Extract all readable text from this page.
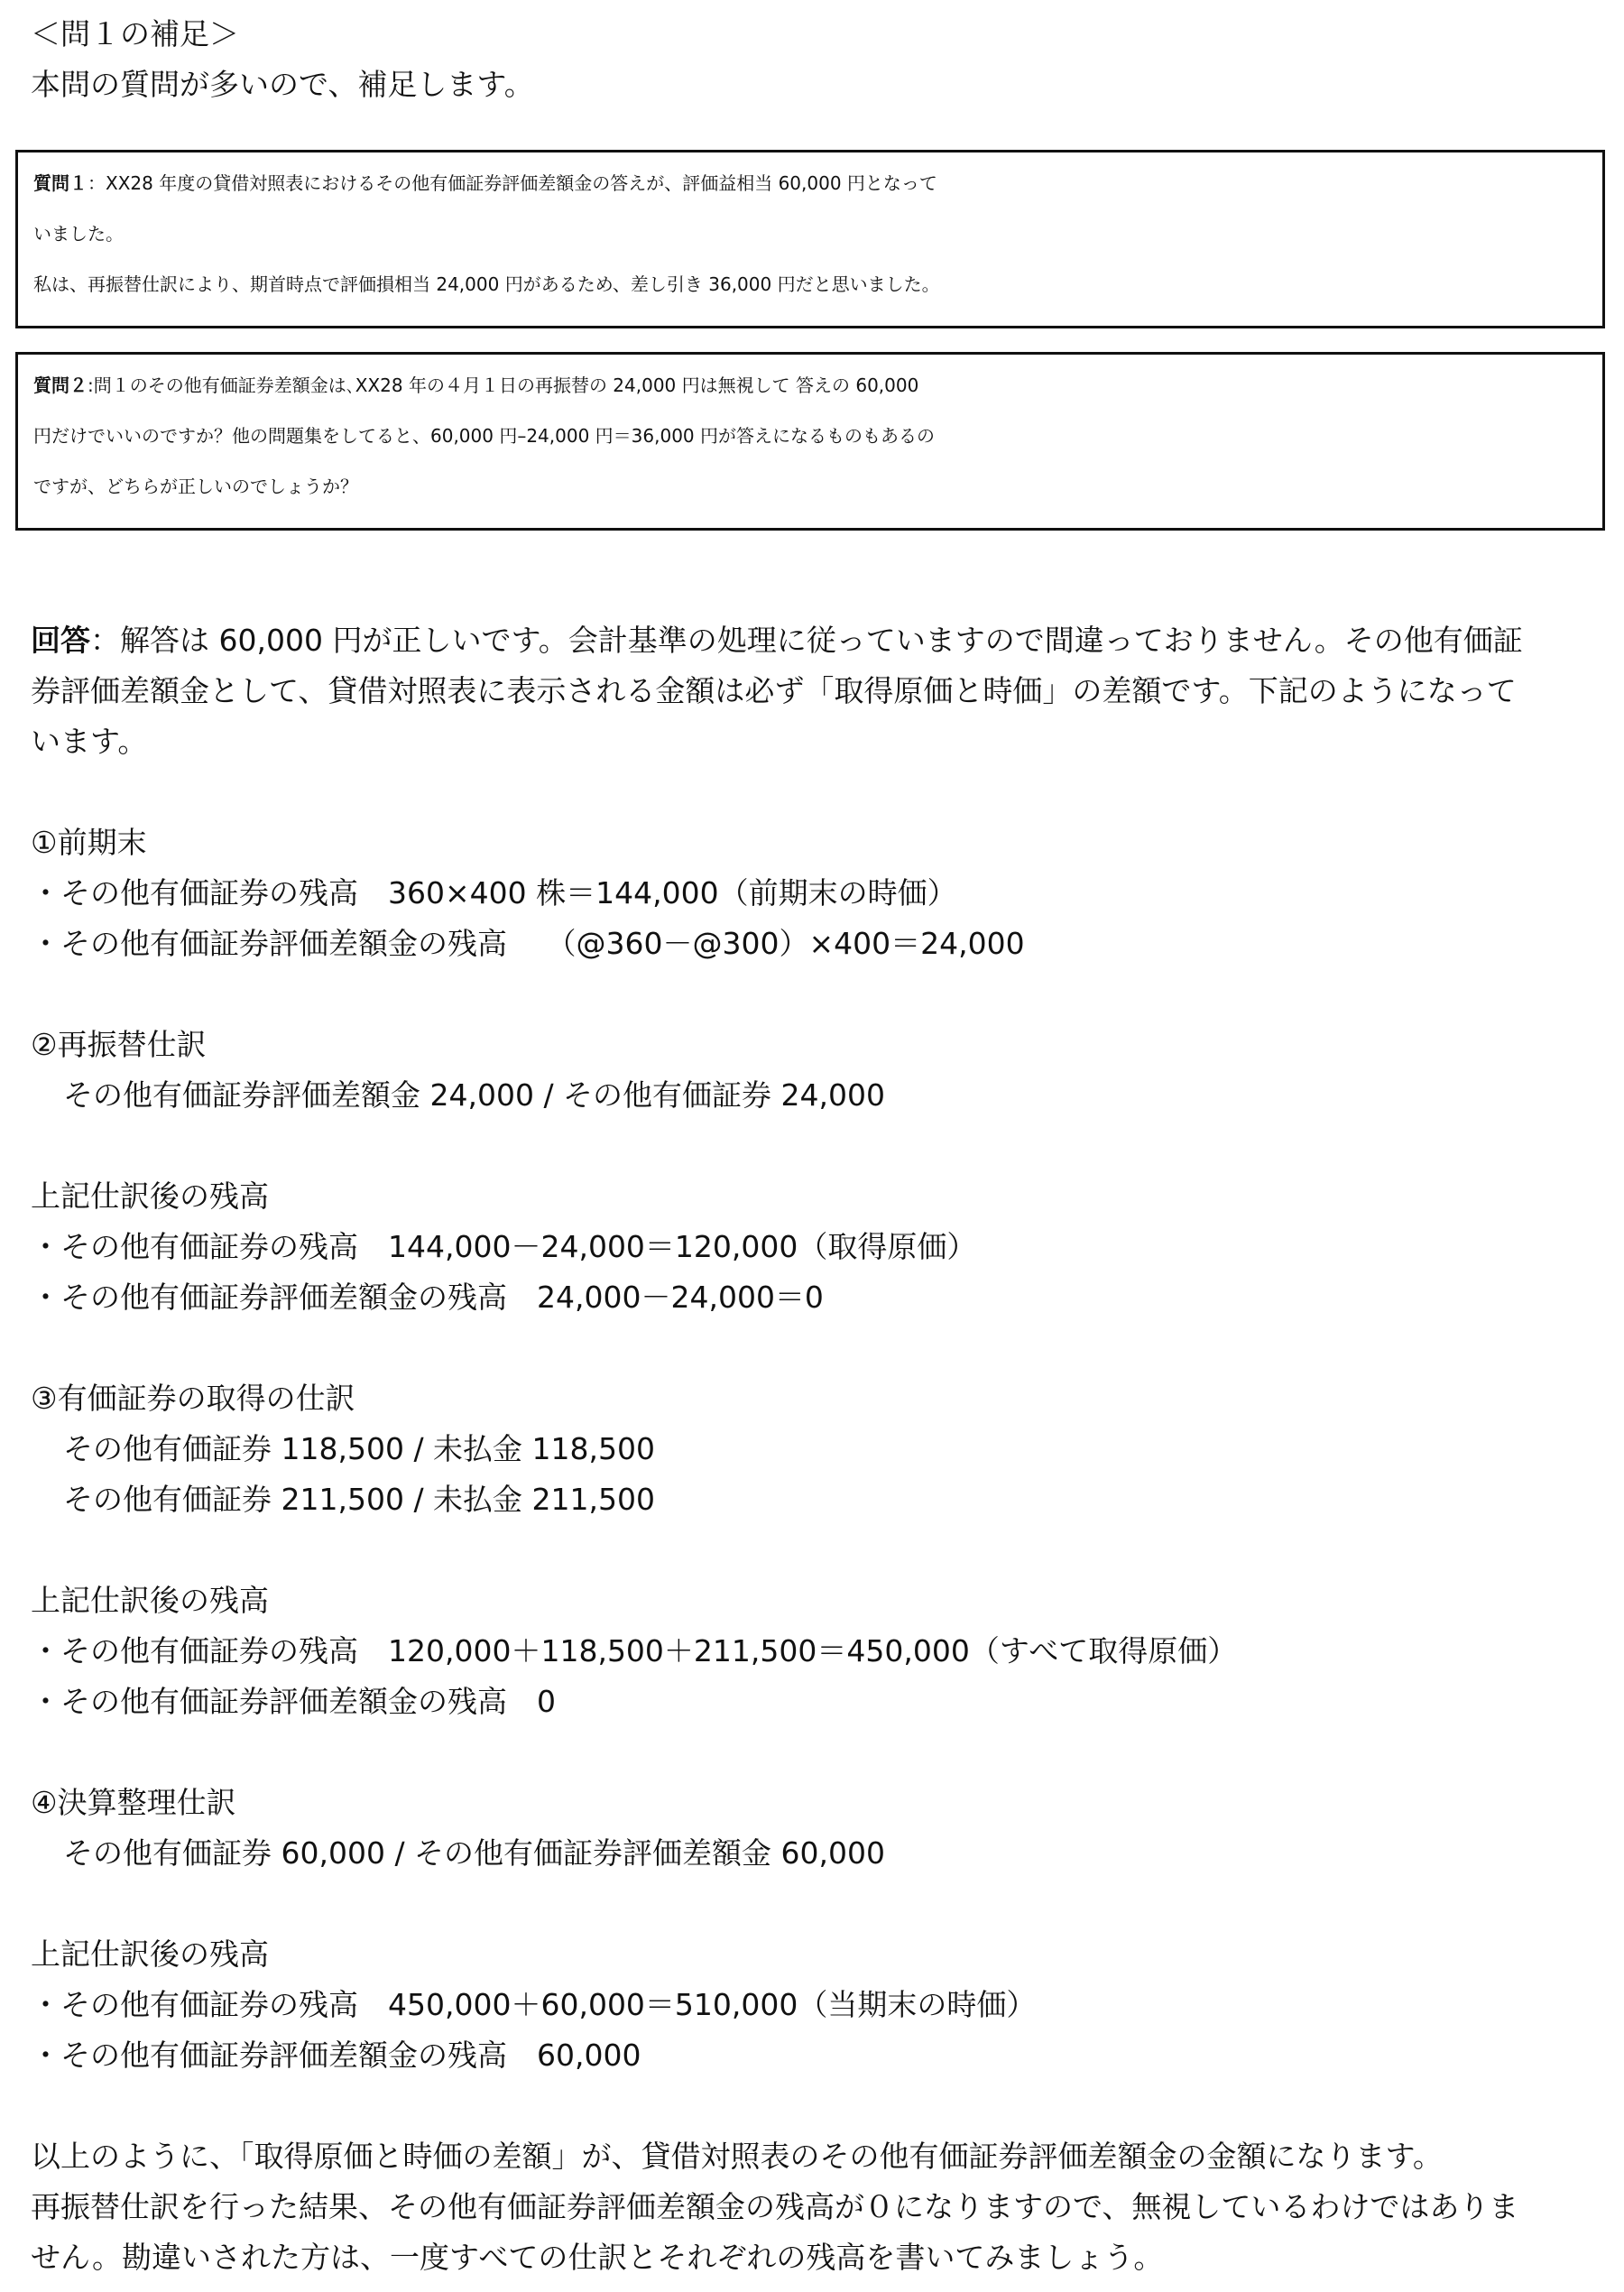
＜問１の補足＞
本問の質問が多いので、補足します。
質問１：XX28 年度の貸借対照表におけるその他有価証券評価差額金の答えが、評価益相当 60,000 円となって
いました。
私は、再振替仕訳により、期首時点で評価損相当 24,000 円があるため、差し引き 36,000 円だと思いました。
質問２:問１のその他有価証券差額金は､XX28 年の４月１日の再振替の 24,000 円は無視して 答えの 60,000
円だけでいいのですか？他の問題集をしてると、60,000 円–24,000 円＝36,000 円が答えになるものもあるの
ですが、どちらが正しいのでしょうか？
回答：解答は 60,000 円が正しいです。会計基準の処理に従っていますので間違っておりません。その他有価証
券評価差額金として、貸借対照表に表示される金額は必ず「取得原価と時価」の差額です。下記のようになって
います。
①前期末
・その他有価証券の残高　360×400 株＝144,000（前期末の時価）
・その他有価証券評価差額金の残高　 （@360－@300）×400＝24,000
②再振替仕訳
その他有価証券評価差額金 24,000 / その他有価証券 24,000
上記仕訳後の残高
・その他有価証券の残高　144,000－24,000＝120,000（取得原価）
・その他有価証券評価差額金の残高　24,000－24,000＝0
③有価証券の取得の仕訳
その他有価証券 118,500 / 未払金 118,500
その他有価証券 211,500 / 未払金 211,500
上記仕訳後の残高
・その他有価証券の残高　120,000＋118,500＋211,500＝450,000（すべて取得原価）
・その他有価証券評価差額金の残高　0
④決算整理仕訳
その他有価証券 60,000 / その他有価証券評価差額金 60,000
上記仕訳後の残高
・その他有価証券の残高　450,000＋60,000＝510,000（当期末の時価）
・その他有価証券評価差額金の残高　60,000
以上のように、「取得原価と時価の差額」が、貸借対照表のその他有価証券評価差額金の金額になります。
再振替仕訳を行った結果、その他有価証券評価差額金の残高が０になりますので、無視しているわけではありま
せん。勘違いされた方は、一度すべての仕訳とそれぞれの残高を書いてみましょう。
